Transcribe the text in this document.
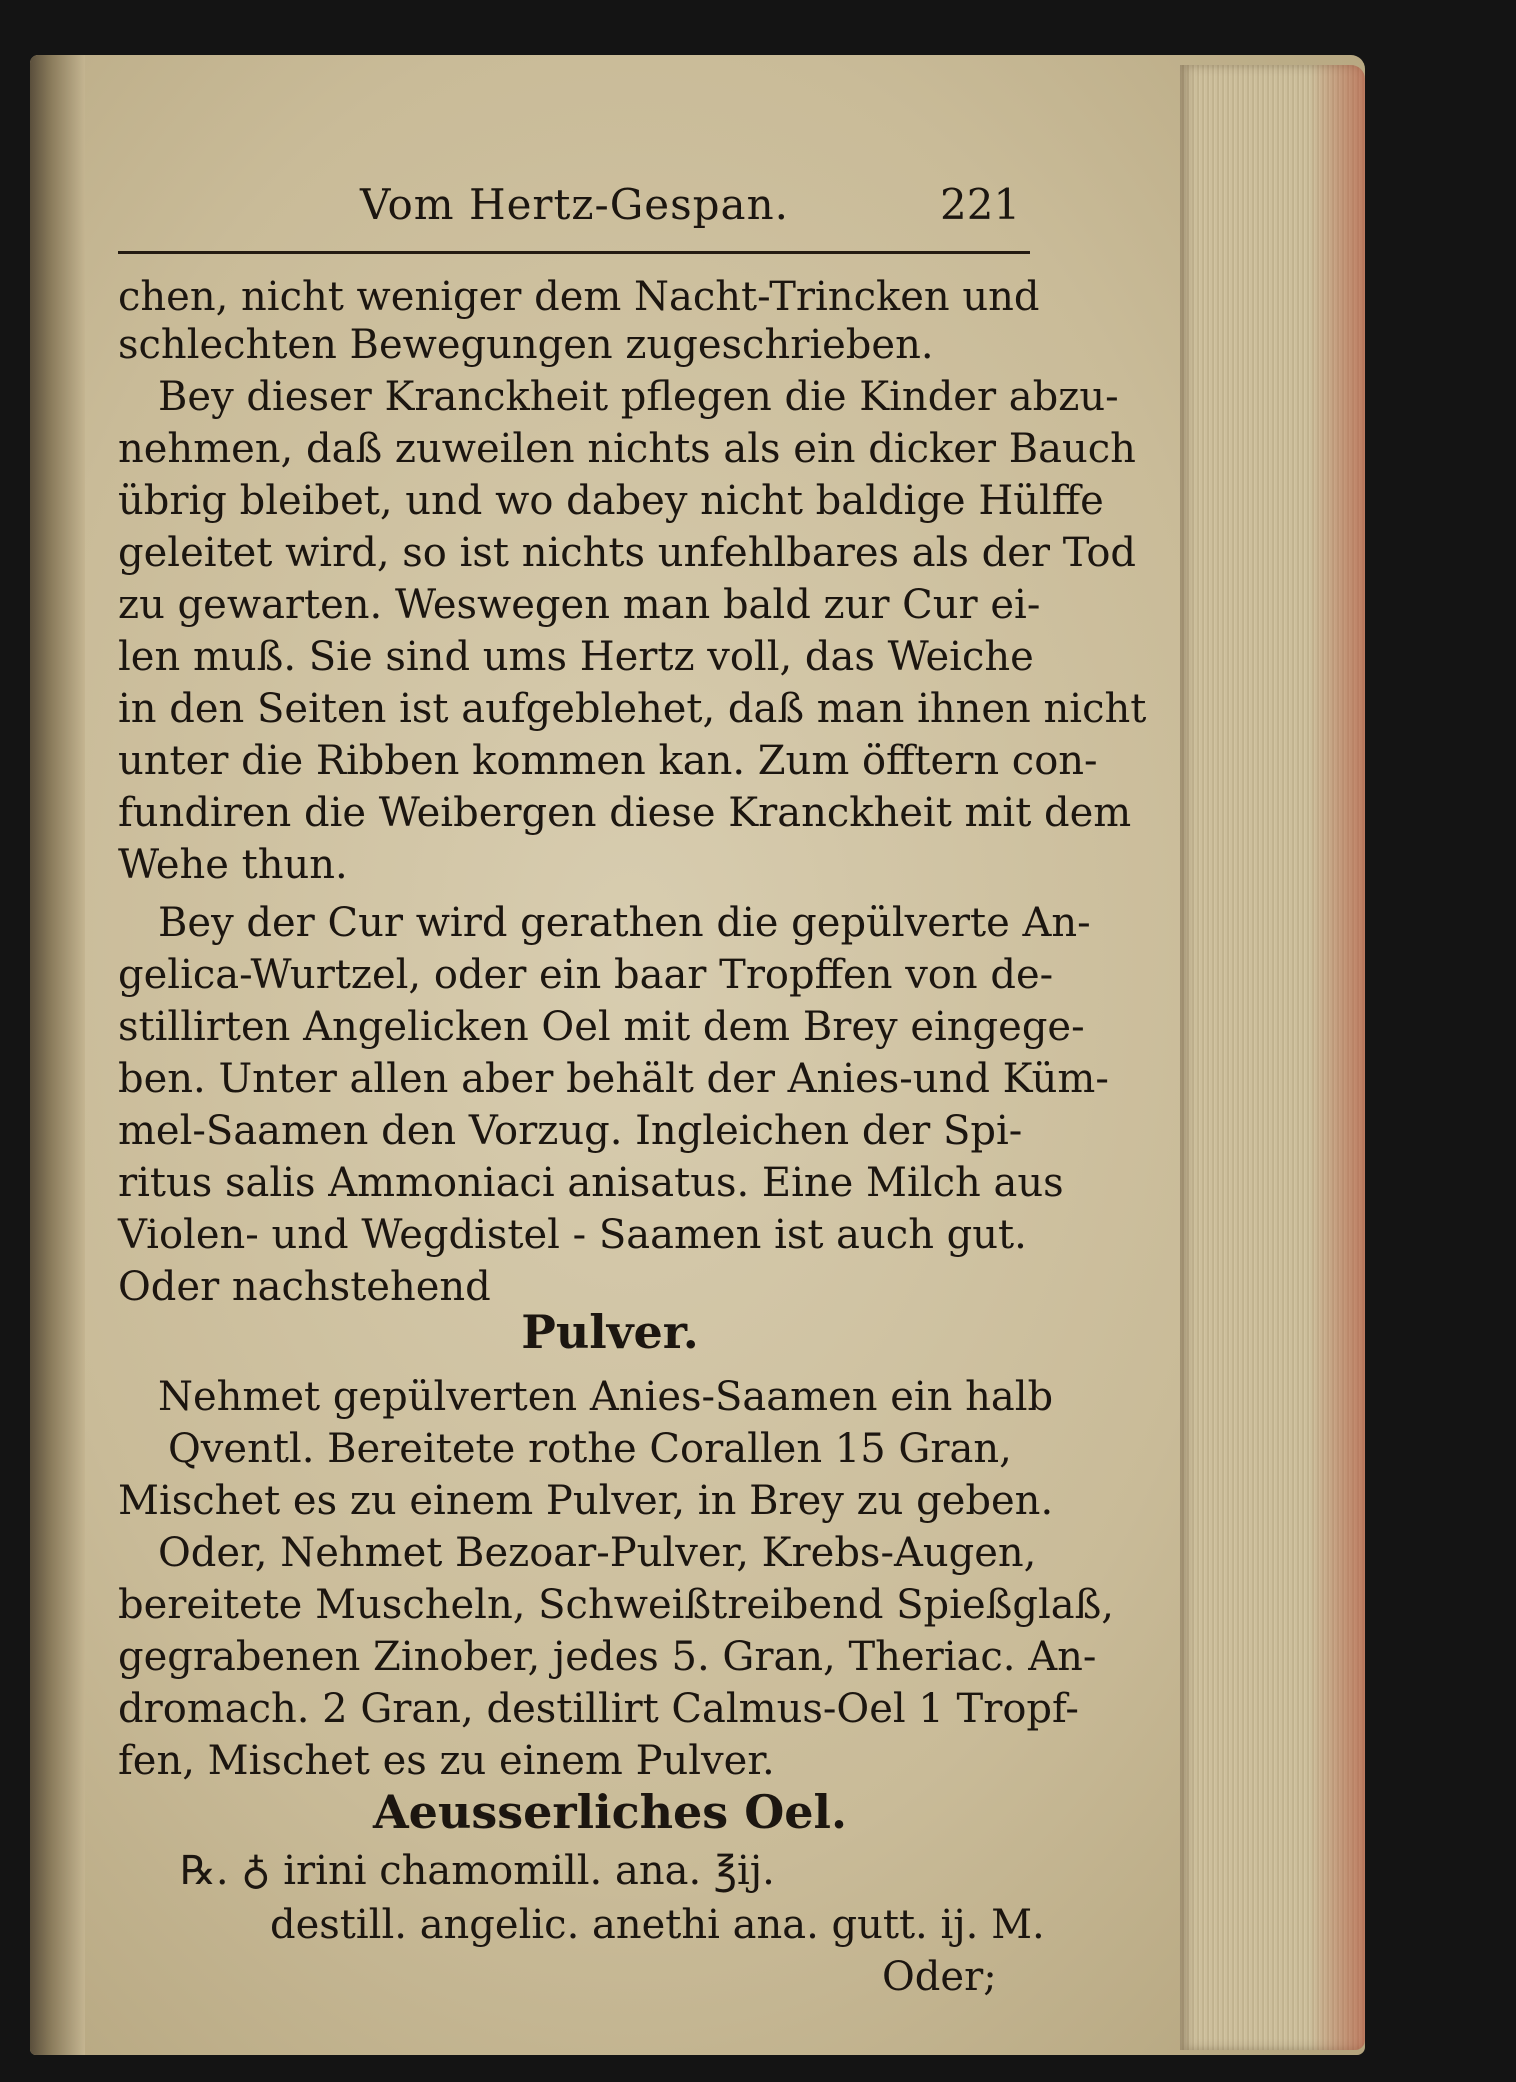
Vom Hertz-Gespan.	221
chen, nicht weniger dem Nacht-Trincken und
schlechten Bewegungen zugeschrieben.
Bey dieser Kranckheit pflegen die Kinder abzu-
nehmen, daß zuweilen nichts als ein dicker Bauch
übrig bleibet, und wo dabey nicht baldige Hülffe
geleitet wird, so ist nichts unfehlbares als der Tod
zu gewarten. Weswegen man bald zur Cur ei-
len muß. Sie sind ums Hertz voll, das Weiche
in den Seiten ist aufgeblehet, daß man ihnen nicht
unter die Ribben kommen kan. Zum öfftern con-
fundiren die Weibergen diese Kranckheit mit dem
Wehe thun.
Bey der Cur wird gerathen die gepülverte An-
gelica-Wurtzel, oder ein baar Tropffen von de-
stillirten Angelicken Oel mit dem Brey eingege-
ben. Unter allen aber behält der Anies-und Küm-
mel-Saamen den Vorzug. Ingleichen der Spi-
ritus salis Ammoniaci anisatus. Eine Milch aus
Violen- und Wegdistel - Saamen ist auch gut.
Oder nachstehend
Pulver.
Nehmet gepülverten Anies-Saamen ein halb
Qventl. Bereitete rothe Corallen 15 Gran,
Mischet es zu einem Pulver, in Brey zu geben.
Oder, Nehmet Bezoar-Pulver, Krebs-Augen,
bereitete Muscheln, Schweißtreibend Spießglaß,
gegrabenen Zinober, jedes 5. Gran, Theriac. An-
dromach. 2 Gran, destillirt Calmus-Oel 1 Tropf-
fen, Mischet es zu einem Pulver.
Aeusserliches Oel.
℞. ♁ irini chamomill. ana. ℥ij.
destill. angelic. anethi ana. gutt. ij. M.
Oder;
